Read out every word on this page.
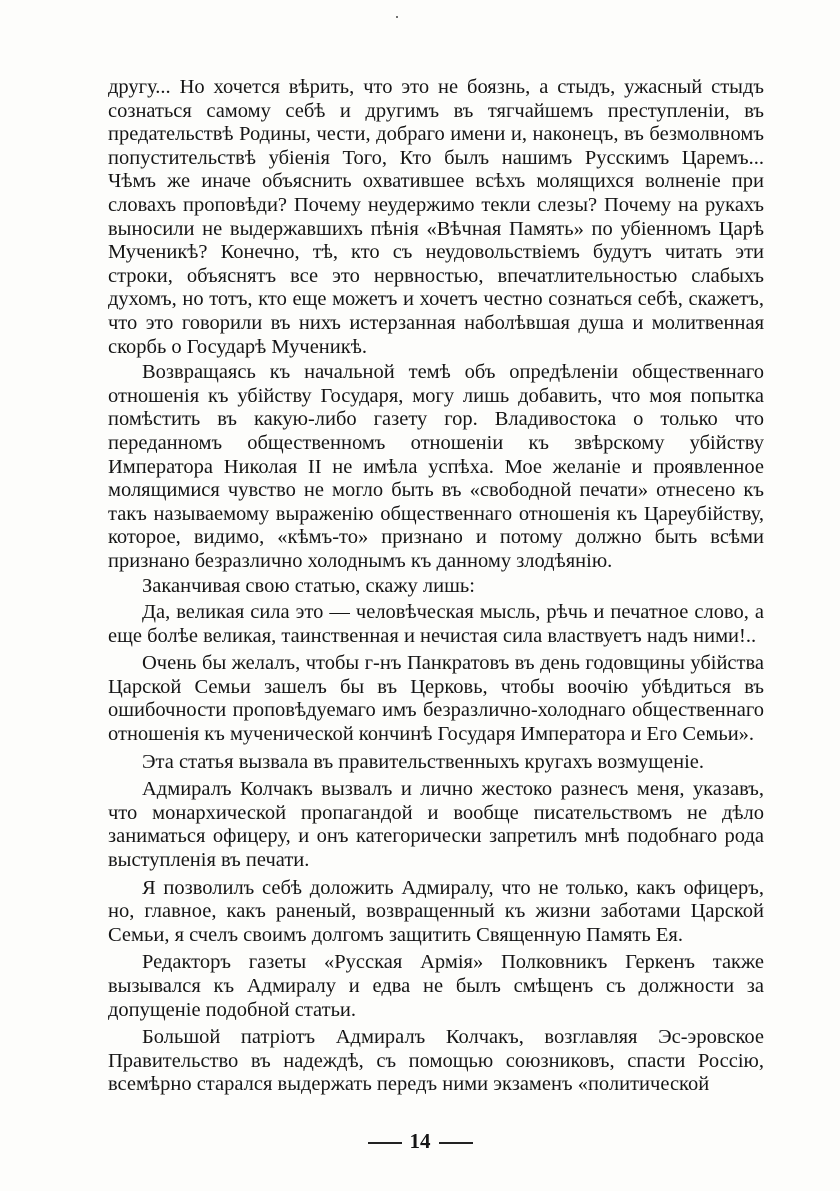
другу... Но хочется вѣрить, что это не боязнь, а стыдъ, ужасный стыдъ сознаться самому себѣ и другимъ въ тягчайшемъ преступленіи, въ предательствѣ Родины, чести, добраго имени и, наконецъ, въ безмолвномъ попустительствѣ убіенія Того, Кто былъ нашимъ Русскимъ Царемъ... Чѣмъ же иначе объяснить охватившее всѣхъ молящихся волненіе при словахъ проповѣди? Почему неудержимо текли слезы? Почему на рукахъ выносили не выдержавшихъ пѣнія «Вѣчная Память» по убіенномъ Царѣ Мученикѣ? Конечно, тѣ, кто съ неудовольствіемъ будутъ читать эти строки, объяснятъ все это нервностью, впечатлительностью слабыхъ духомъ, но тотъ, кто еще можетъ и хочетъ честно сознаться себѣ, скажетъ, что это говорили въ нихъ истерзанная наболѣвшая душа и молитвенная скорбь о Государѣ Мученикѣ.

Возвращаясь къ начальной темѣ объ опредѣленіи общественнаго отношенія къ убійству Государя, могу лишь добавить, что моя попытка помѣстить въ какую-либо газету гор. Владивостока о только что переданномъ общественномъ отношеніи къ звѣрскому убійству Императора Николая II не имѣла успѣха. Мое желаніе и проявленное молящимися чувство не могло быть въ «свободной печати» отнесено къ такъ называемому выраженію общественнаго отношенія къ Цареубійству, которое, видимо, «кѣмъ-то» признано и потому должно быть всѣми признано безразлично холоднымъ къ данному злодѣянію.

Заканчивая свою статью, скажу лишь:

Да, великая сила это — человѣческая мысль, рѣчь и печатное слово, а еще болѣе великая, таинственная и нечистая сила властвуетъ надъ ними!..

Очень бы желалъ, чтобы г-нъ Панкратовъ въ день годовщины убійства Царской Семьи зашелъ бы въ Церковь, чтобы воочію убѣдиться въ ошибочности проповѣдуемаго имъ безразлично-холоднаго общественнаго отношенія къ мученической кончинѣ Государя Императора и Его Семьи».

Эта статья вызвала въ правительственныхъ кругахъ возмущеніе.

Адмиралъ Колчакъ вызвалъ и лично жестоко разнесъ меня, указавъ, что монархической пропагандой и вообще писательствомъ не дѣло заниматься офицеру, и онъ категорически запретилъ мнѣ подобнаго рода выступленія въ печати.

Я позволилъ себѣ доложить Адмиралу, что не только, какъ офицеръ, но, главное, какъ раненый, возвращенный къ жизни заботами Царской Семьи, я счелъ своимъ долгомъ защитить Священную Память Ея.

Редакторъ газеты «Русская Армія» Полковникъ Геркенъ также вызывался къ Адмиралу и едва не былъ смѣщенъ съ должности за допущеніе подобной статьи.

Большой патріотъ Адмиралъ Колчакъ, возглавляя Эс-эровское Правительство въ надеждѣ, съ помощью союзниковъ, спасти Россію, всемѣрно старался выдержать передъ ними экзаменъ «политической

14
